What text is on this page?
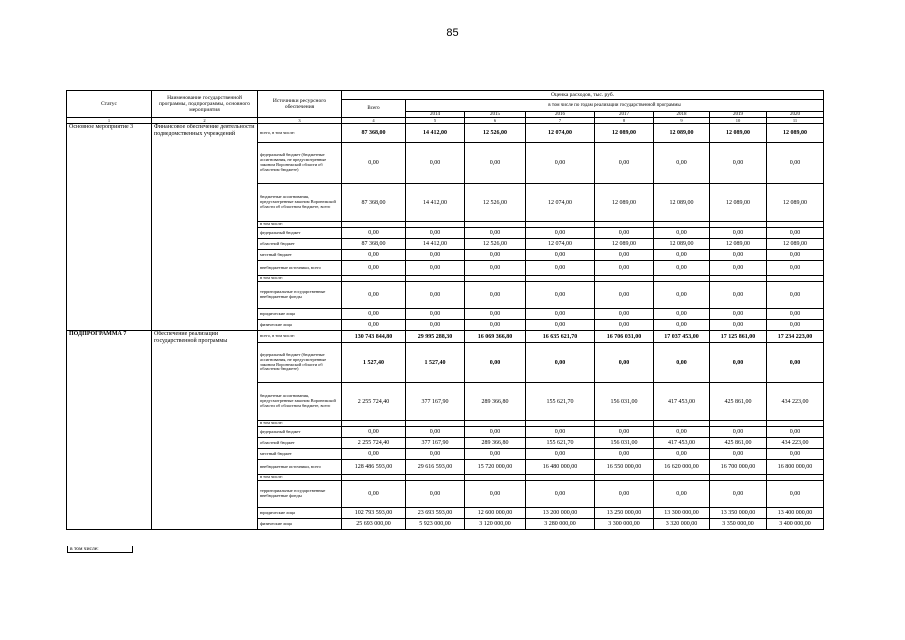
85
Статус	Наименование государственной программы, подпрограммы, основного мероприятия	Источники ресурсного обеспечения	Оценка расходов, тыс. руб.							
			Всего	в том числе по годам реализации государственной программы						
				2014	2015	2016	2017	2018	2019	2020
1	2	3	4	5	6	7	8	9	10	11
Основное мероприятие 3	Финансовое обеспечение деятельности подведомственных учреждений	всего, в том числе:	87 368,00	14 412,00	12 526,00	12 074,00	12 089,00	12 089,00	12 089,00	12 089,00
		федеральный бюджет (бюджетные ассигнования, не предусмотренные законом Воронежской области об областном бюджете)	0,00	0,00	0,00	0,00	0,00	0,00	0,00	0,00
		бюджетные ассигнования, предусмотренные законом Воронежской области об областном бюджете, всего	87 368,00	14 412,00	12 526,00	12 074,00	12 089,00	12 089,00	12 089,00	12 089,00
		в том числе:								
		федеральный бюджет	0,00	0,00	0,00	0,00	0,00	0,00	0,00	0,00
		областной бюджет	87 368,00	14 412,00	12 526,00	12 074,00	12 089,00	12 089,00	12 089,00	12 089,00
		местный бюджет	0,00	0,00	0,00	0,00	0,00	0,00	0,00	0,00
		внебюджетные источники, всего	0,00	0,00	0,00	0,00	0,00	0,00	0,00	0,00
		в том числе:								
		территориальные государственные внебюджетные фонды	0,00	0,00	0,00	0,00	0,00	0,00	0,00	0,00
		юридические лица	0,00	0,00	0,00	0,00	0,00	0,00	0,00	0,00
		физические лица	0,00	0,00	0,00	0,00	0,00	0,00	0,00	0,00
ПОДПРОГРАММА 7	Обеспечение реализации государственной программы	всего, в том числе:	130 743 844,80	29 995 288,30	16 069 366,80	16 635 621,70	16 706 031,00	17 037 453,00	17 125 861,00	17 234 223,00
		федеральный бюджет (бюджетные ассигнования, не предусмотренные законом Воронежской области об областном бюджете)	1 527,40	1 527,40	0,00	0,00	0,00	0,00	0,00	0,00
		бюджетные ассигнования, предусмотренные законом Воронежской области об областном бюджете, всего	2 255 724,40	377 167,90	289 366,80	155 621,70	156 031,00	417 453,00	425 861,00	434 223,00
		в том числе:								
		федеральный бюджет	0,00	0,00	0,00	0,00	0,00	0,00	0,00	0,00
		областной бюджет	2 255 724,40	377 167,90	289 366,80	155 621,70	156 031,00	417 453,00	425 861,00	434 223,00
		местный бюджет	0,00	0,00	0,00	0,00	0,00	0,00	0,00	0,00
		внебюджетные источники, всего	128 486 593,00	29 616 593,00	15 720 000,00	16 480 000,00	16 550 000,00	16 620 000,00	16 700 000,00	16 800 000,00
		в том числе:								
		территориальные государственные внебюджетные фонды	0,00	0,00	0,00	0,00	0,00	0,00	0,00	0,00
		юридические лица	102 793 593,00	23 693 593,00	12 600 000,00	13 200 000,00	13 250 000,00	13 300 000,00	13 350 000,00	13 400 000,00
		физические лица	25 693 000,00	5 923 000,00	3 120 000,00	3 280 000,00	3 300 000,00	3 320 000,00	3 350 000,00	3 400 000,00
в том числе:
